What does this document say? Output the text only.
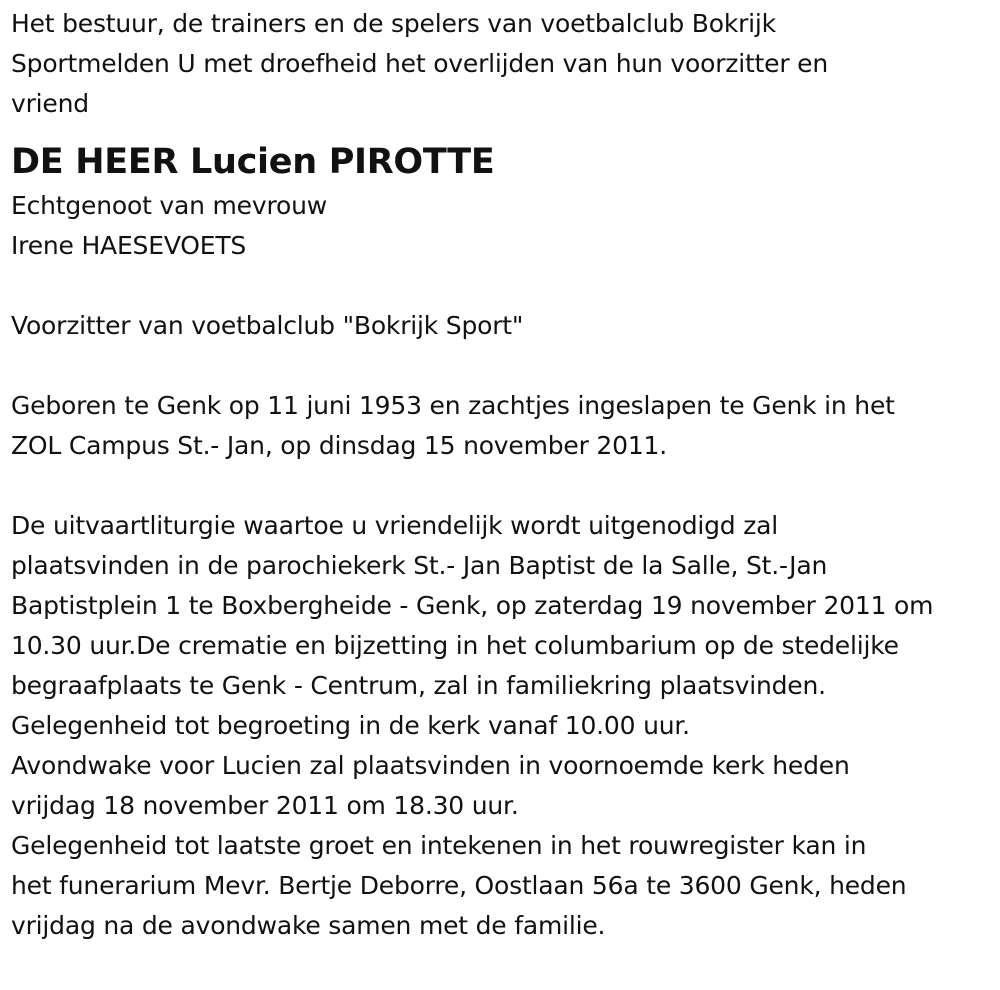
Het bestuur, de trainers en de spelers van voetbalclub Bokrijk
Sportmelden U met droefheid het overlijden van hun voorzitter en
vriend
DE HEER Lucien PIROTTE
Echtgenoot van mevrouw
Irene HAESEVOETS
Voorzitter van voetbalclub "Bokrijk Sport"
Geboren te Genk op 11 juni 1953 en zachtjes ingeslapen te Genk in het
ZOL Campus St.- Jan, op dinsdag 15 november 2011.
De uitvaartliturgie waartoe u vriendelijk wordt uitgenodigd zal
plaatsvinden in de parochiekerk St.- Jan Baptist de la Salle, St.-Jan
Baptistplein 1 te Boxbergheide - Genk, op zaterdag 19 november 2011 om
10.30 uur.De crematie en bijzetting in het columbarium op de stedelijke
begraafplaats te Genk - Centrum, zal in familiekring plaatsvinden.
Gelegenheid tot begroeting in de kerk vanaf 10.00 uur.
Avondwake voor Lucien zal plaatsvinden in voornoemde kerk heden
vrijdag 18 november 2011 om 18.30 uur.
Gelegenheid tot laatste groet en intekenen in het rouwregister kan in
het funerarium Mevr. Bertje Deborre, Oostlaan 56a te 3600 Genk, heden
vrijdag na de avondwake samen met de familie.
